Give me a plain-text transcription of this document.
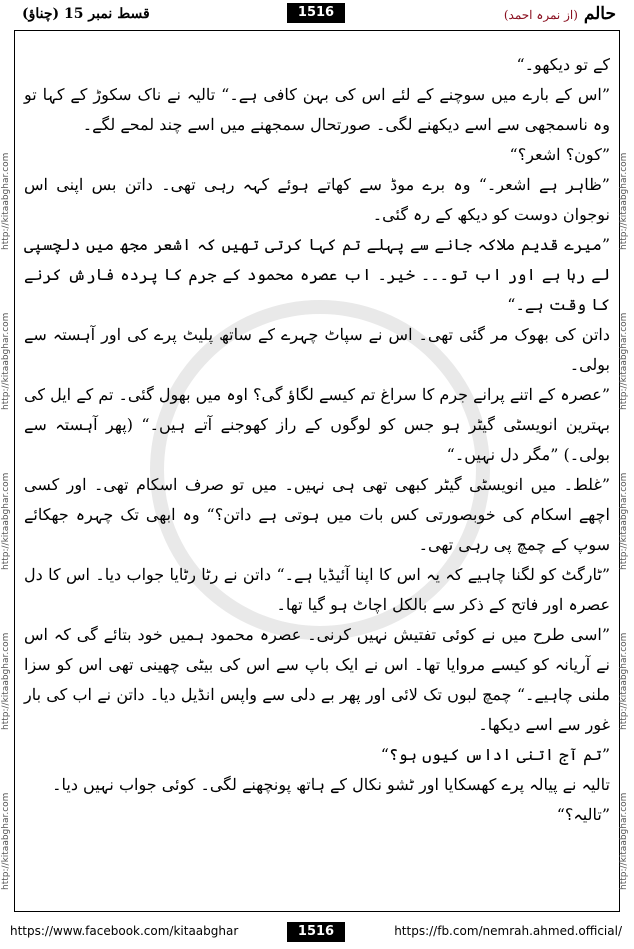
حالم (از نمرہ احمد)
1516
قسط نمبر 15 (چناؤ)
http://kitaabghar.com
http://kitaabghar.com
http://kitaabghar.com
http://kitaabghar.com
http://kitaabghar.com
http://kitaabghar.com
http://kitaabghar.com
http://kitaabghar.com
http://kitaabghar.com
http://kitaabghar.com

کے تو دیکھو۔“

”اس کے بارے میں سوچنے کے لئے اس کی بہن کافی ہے۔“ تالیہ نے ناک سکوڑ کے کہا تو وہ ناسمجھی سے اسے دیکھنے لگی۔ صورتحال سمجھنے میں اسے چند لمحے لگے۔

”کون؟ اشعر؟“

”ظاہر ہے اشعر۔“ وہ برے موڈ سے کھاتے ہوئے کہہ رہی تھی۔ داتن بس اپنی اس نوجوان دوست کو دیکھ کے رہ گئی۔

”میرے قدیم ملاکہ جانے سے پہلے تم کہا کرتی تھیں کہ اشعر مجھ میں دلچسپی لے رہا ہے اور اب تو۔۔۔ خیر۔ اب عصرہ محمود کے جرم کا پردہ فارش کرنے کا وقت ہے۔“

داتن کی بھوک مر گئی تھی۔ اس نے سپاٹ چہرے کے ساتھ پلیٹ پرے کی اور آہستہ سے بولی۔

”عصرہ کے اتنے پرانے جرم کا سراغ تم کیسے لگاؤ گی؟ اوہ میں بھول گئی۔ تم کے ایل کی بہترین انویسٹی گیٹر ہو جس کو لوگوں کے راز کھوجنے آتے ہیں۔“ (پھر آہستہ سے بولی۔) ”مگر دل نہیں۔“

”غلط۔ میں انویسٹی گیٹر کبھی تھی ہی نہیں۔ میں تو صرف اسکام تھی۔ اور کسی اچھے اسکام کی خوبصورتی کس بات میں ہوتی ہے داتن؟“ وہ ابھی تک چہرہ جھکائے سوپ کے چمچ پی رہی تھی۔

”ٹارگٹ کو لگنا چاہیے کہ یہ اس کا اپنا آئیڈیا ہے۔“ داتن نے رٹا رٹایا جواب دیا۔ اس کا دل عصرہ اور فاتح کے ذکر سے بالکل اچاٹ ہو گیا تھا۔

”اسی طرح میں نے کوئی تفتیش نہیں کرنی۔ عصرہ محمود ہمیں خود بتائے گی کہ اس نے آریانہ کو کیسے مروایا تھا۔ اس نے ایک باپ سے اس کی بیٹی چھینی تھی اس کو سزا ملنی چاہیے۔“ چمچ لبوں تک لائی اور پھر بے دلی سے واپس انڈیل دیا۔ داتن نے اب کی بار غور سے اسے دیکھا۔

”تم آج اتنی اداس کیوں ہو؟“

تالیہ نے پیالہ پرے کھسکایا اور ٹشو نکال کے ہاتھ پونچھنے لگی۔ کوئی جواب نہیں دیا۔

”تالیہ؟“

https://www.facebook.com/kitaabghar	1516	https://fb.com/nemrah.ahmed.official/
